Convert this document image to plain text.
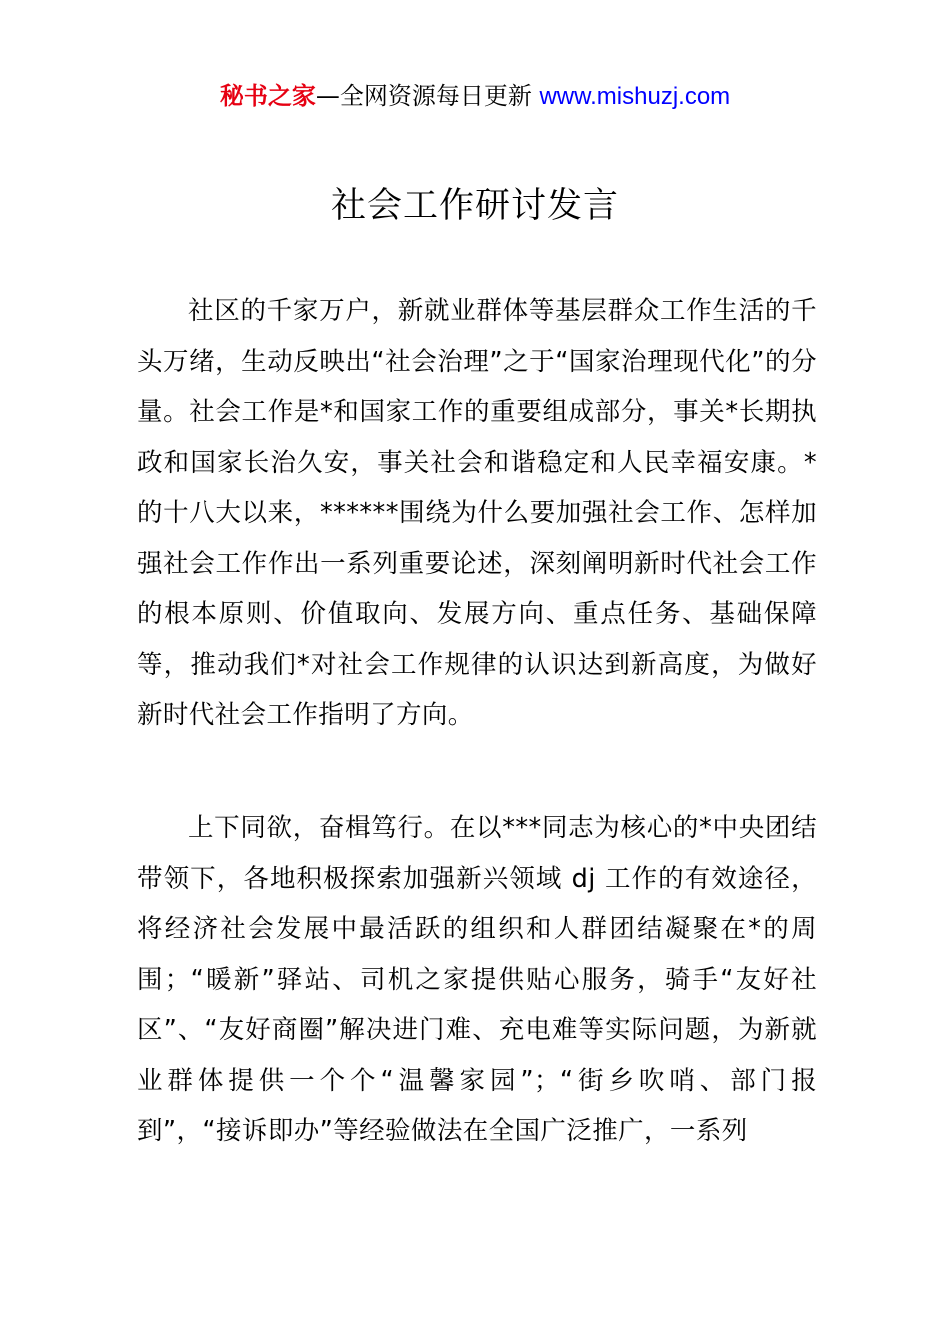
秘书之家—全网资源每日更新 www.mishuzj.com
社会工作研讨发言

社区的千家万户，新就业群体等基层群众工作生活的千头万绪，生动反映出“社会治理”之于“国家治理现代化”的分量。社会工作是*和国家工作的重要组成部分，事关*长期执政和国家长治久安，事关社会和谐稳定和人民幸福安康。*的十八大以来，******围绕为什么要加强社会工作、怎样加强社会工作作出一系列重要论述，深刻阐明新时代社会工作的根本原则、价值取向、发展方向、重点任务、基础保障等，推动我们*对社会工作规律的认识达到新高度，为做好新时代社会工作指明了方向。

上下同欲，奋楫笃行。在以***同志为核心的*中央团结带领下，各地积极探索加强新兴领域 dj 工作的有效途径，将经济社会发展中最活跃的组织和人群团结凝聚在*的周围；“暖新”驿站、司机之家提供贴心服务，骑手“友好社区”、“友好商圈”解决进门难、充电难等实际问题，为新就业群体提供一个个“温馨家园”；“街乡吹哨、部门报到”，“接诉即办”等经验做法在全国广泛推广，一系列
